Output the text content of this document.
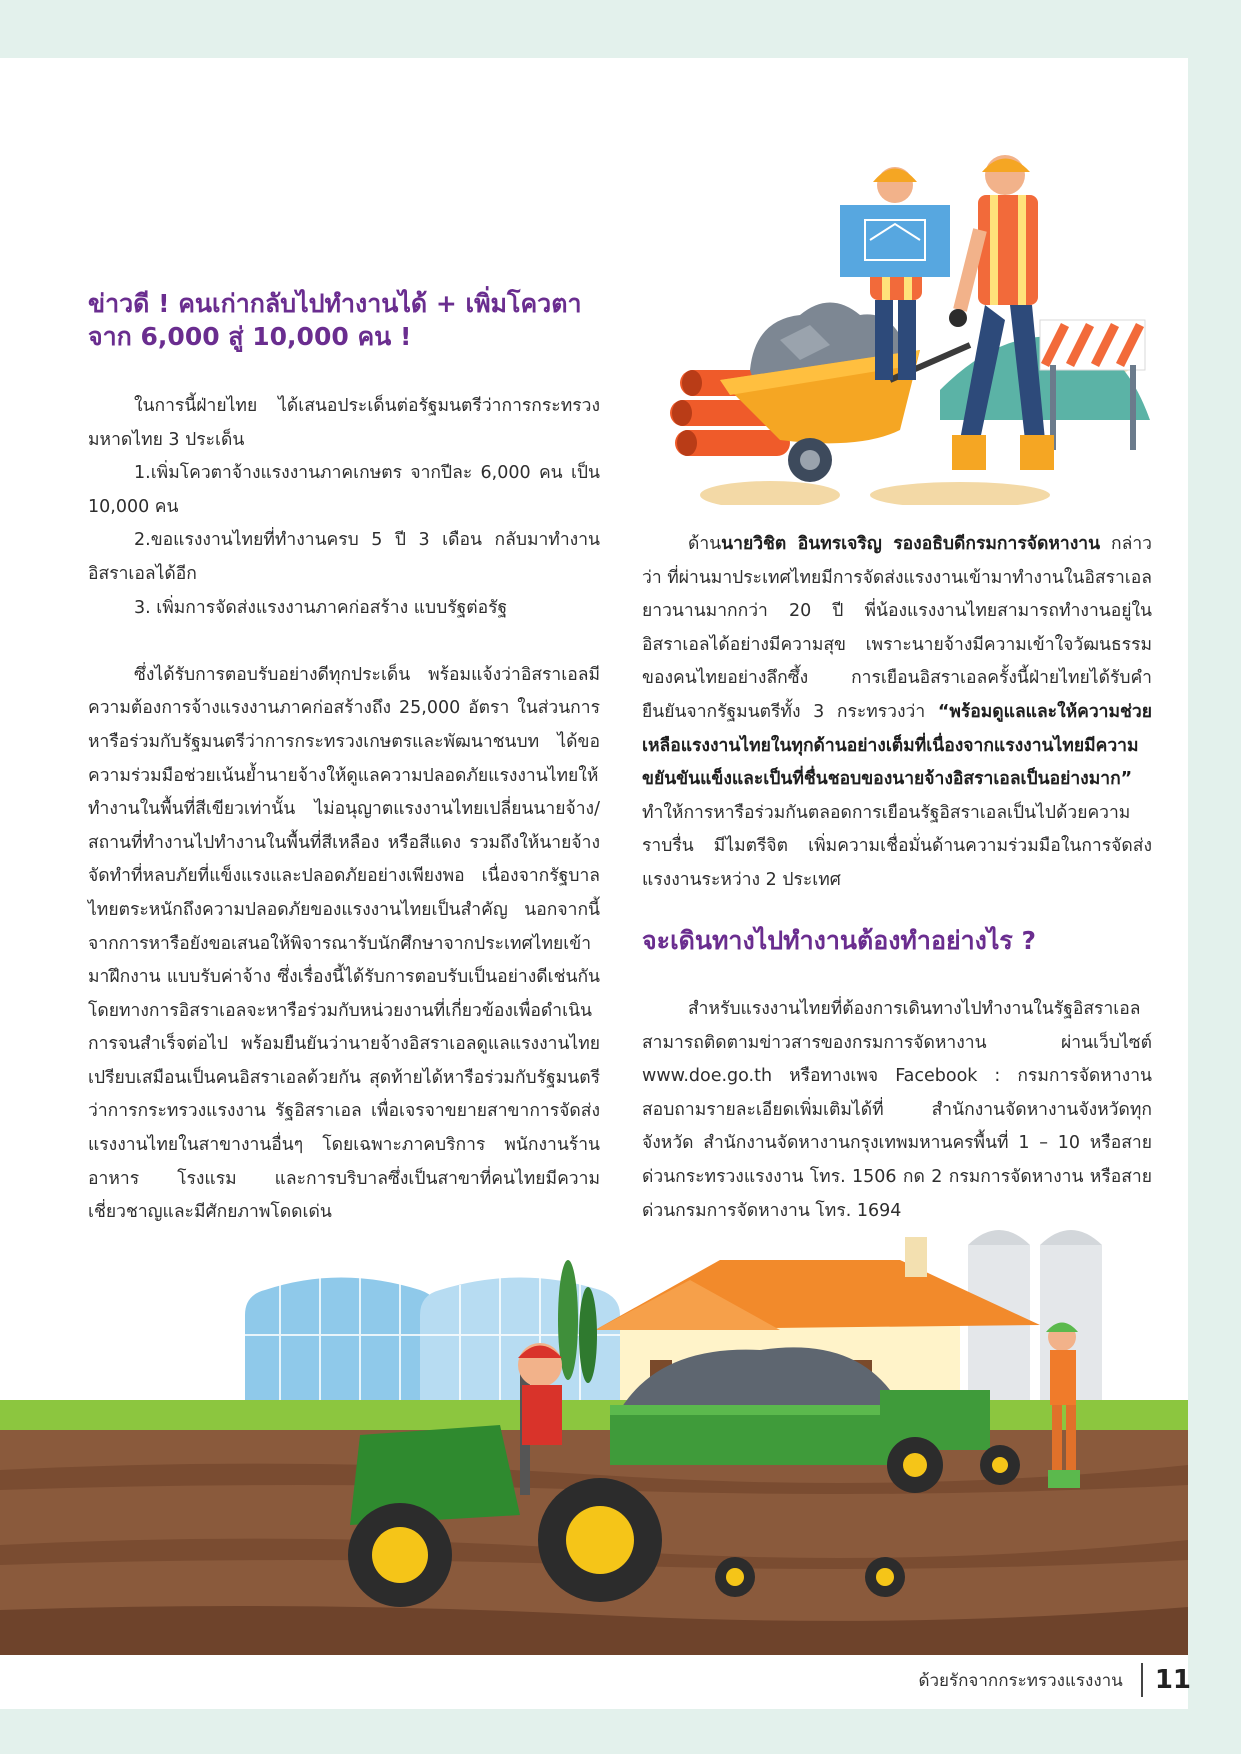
ข่าวดี ! คนเก่ากลับไปทำงานได้ + เพิ่มโควตา
จาก 6,000 สู่ 10,000 คน !

ในการนี้ฝ่ายไทย ได้เสนอประเด็นต่อรัฐมนตรีว่าการกระทรวงมหาดไทย 3 ประเด็น

1.เพิ่มโควตาจ้างแรงงานภาคเกษตร จากปีละ 6,000 คน เป็น 10,000 คน

2.ขอแรงงานไทยที่ทำงานครบ 5 ปี 3 เดือน กลับมาทำงานอิสราเอลได้อีก

3. เพิ่มการจัดส่งแรงงานภาคก่อสร้าง แบบรัฐต่อรัฐ

ซึ่งได้รับการตอบรับอย่างดีทุกประเด็น พร้อมแจ้งว่าอิสราเอลมีความต้องการจ้างแรงงานภาคก่อสร้างถึง 25,000 อัตรา ในส่วนการหารือร่วมกับรัฐมนตรีว่าการกระทรวงเกษตรและพัฒนาชนบท ได้ขอความร่วมมือช่วยเน้นย้ำนายจ้างให้ดูแลความปลอดภัยแรงงานไทยให้ทำงานในพื้นที่สีเขียวเท่านั้น ไม่อนุญาตแรงงานไทยเปลี่ยนนายจ้าง/สถานที่ทำงานไปทำงานในพื้นที่สีเหลือง หรือสีแดง รวมถึงให้นายจ้างจัดทำที่หลบภัยที่แข็งแรงและปลอดภัยอย่างเพียงพอ เนื่องจากรัฐบาลไทยตระหนักถึงความปลอดภัยของแรงงานไทยเป็นสำคัญ นอกจากนี้จากการหารือยังขอเสนอให้พิจารณารับนักศึกษาจากประเทศไทยเข้ามาฝึกงาน แบบรับค่าจ้าง ซึ่งเรื่องนี้ได้รับการตอบรับเป็นอย่างดีเช่นกัน โดยทางการอิสราเอลจะหารือร่วมกับหน่วยงานที่เกี่ยวข้องเพื่อดำเนินการจนสำเร็จต่อไป พร้อมยืนยันว่านายจ้างอิสราเอลดูแลแรงงานไทยเปรียบเสมือนเป็นคนอิสราเอลด้วยกัน สุดท้ายได้หารือร่วมกับรัฐมนตรีว่าการกระทรวงแรงงาน รัฐอิสราเอล เพื่อเจรจาขยายสาขาการจัดส่งแรงงานไทยในสาขางานอื่นๆ โดยเฉพาะภาคบริการ พนักงานร้านอาหาร โรงแรม และการบริบาลซึ่งเป็นสาขาที่คนไทยมีความเชี่ยวชาญและมีศักยภาพโดดเด่น

ด้านนายวิชิต อินทรเจริญ รองอธิบดีกรมการจัดหางาน กล่าวว่า ที่ผ่านมาประเทศไทยมีการจัดส่งแรงงานเข้ามาทำงานในอิสราเอลยาวนานมากกว่า 20 ปี พี่น้องแรงงานไทยสามารถทำงานอยู่ในอิสราเอลได้อย่างมีความสุข เพราะนายจ้างมีความเข้าใจวัฒนธรรมของคนไทยอย่างลึกซึ้ง การเยือนอิสราเอลครั้งนี้ฝ่ายไทยได้รับคำยืนยันจากรัฐมนตรีทั้ง 3 กระทรวงว่า “พร้อมดูแลและให้ความช่วยเหลือแรงงานไทยในทุกด้านอย่างเต็มที่เนื่องจากแรงงานไทยมีความขยันขันแข็งและเป็นที่ชื่นชอบของนายจ้างอิสราเอลเป็นอย่างมาก” ทำให้การหารือร่วมกันตลอดการเยือนรัฐอิสราเอลเป็นไปด้วยความราบรื่น มีไมตรีจิต เพิ่มความเชื่อมั่นด้านความร่วมมือในการจัดส่งแรงงานระหว่าง 2 ประเทศ

จะเดินทางไปทำงานต้องทำอย่างไร ?

สำหรับแรงงานไทยที่ต้องการเดินทางไปทำงานในรัฐอิสราเอล สามารถติดตามข่าวสารของกรมการจัดหางาน ผ่านเว็บไซต์ www.doe.go.th หรือทางเพจ Facebook : กรมการจัดหางาน สอบถามรายละเอียดเพิ่มเติมได้ที่ สำนักงานจัดหางานจังหวัดทุกจังหวัด สำนักงานจัดหางานกรุงเทพมหานครพื้นที่ 1 – 10 หรือสายด่วนกระทรวงแรงงาน โทร. 1506 กด 2 กรมการจัดหางาน หรือสายด่วนกรมการจัดหางาน โทร. 1694

ด้วยรักจากกระทรวงแรงงาน 11
